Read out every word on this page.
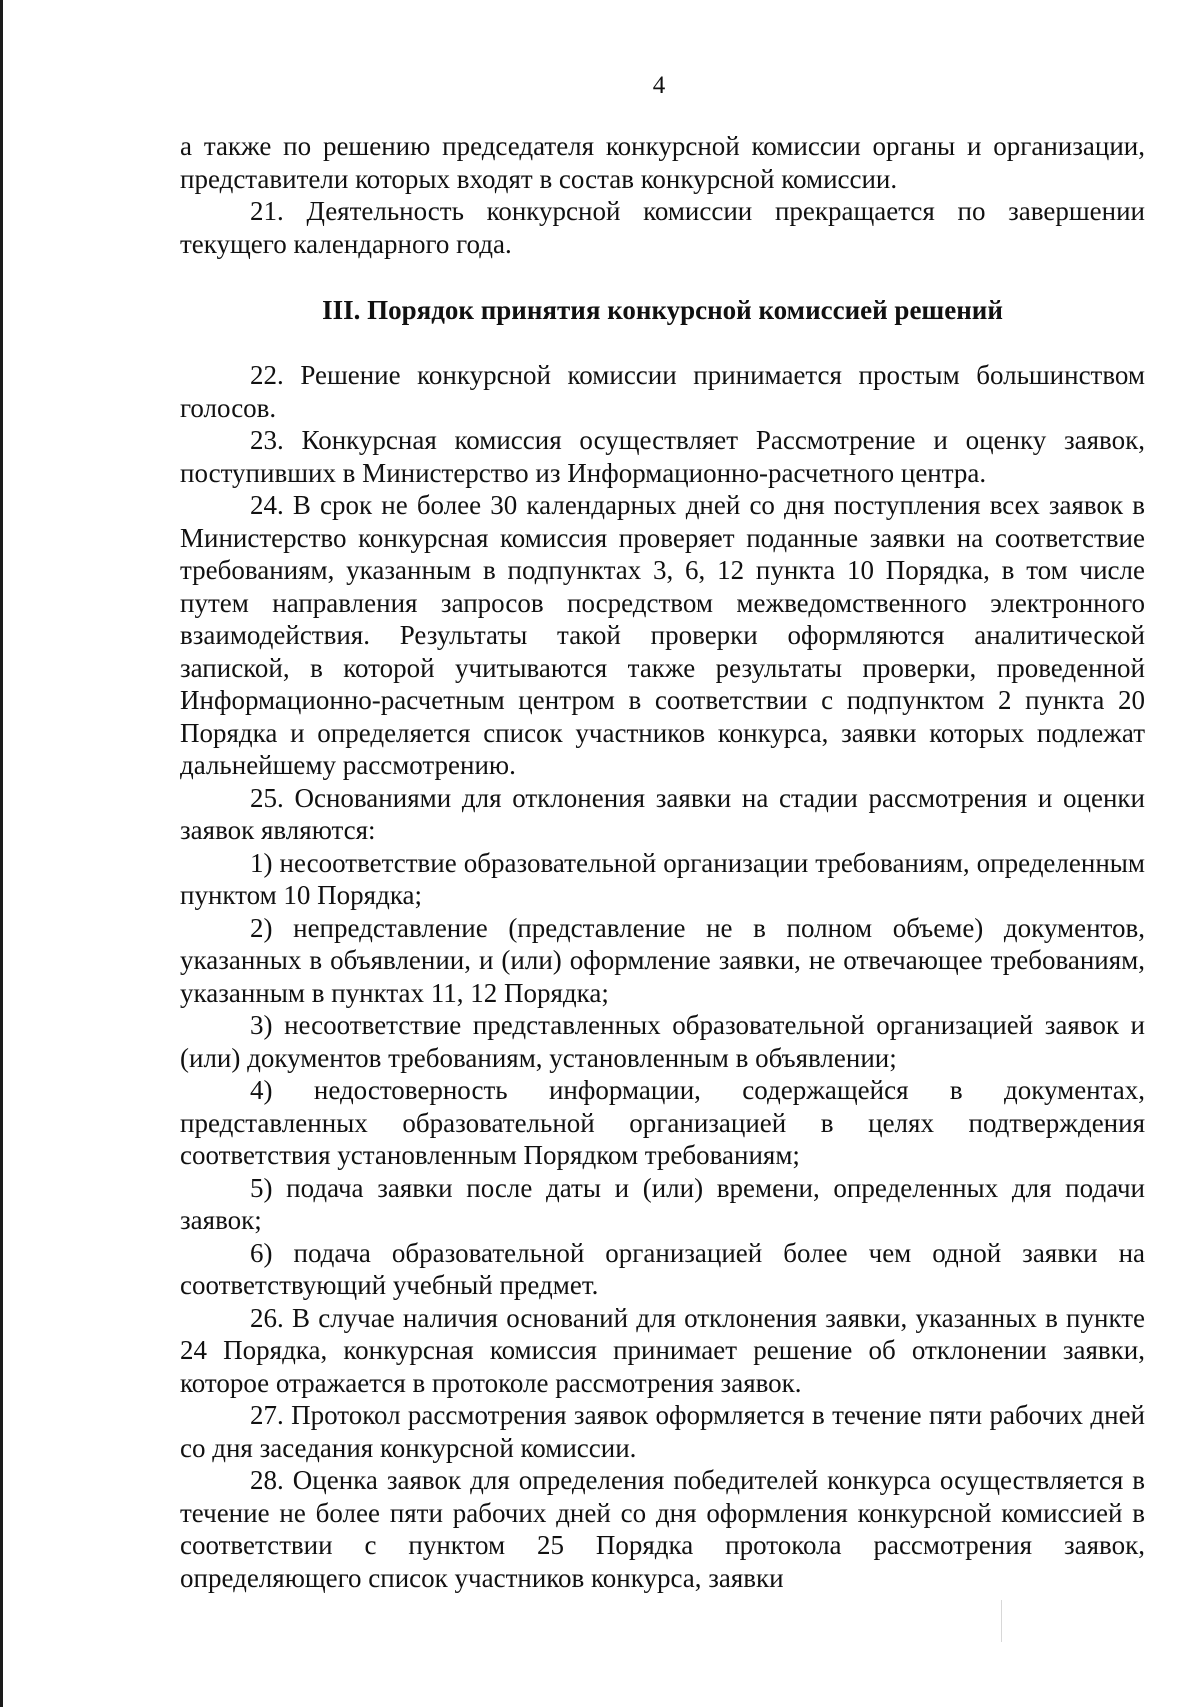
4

а также по решению председателя конкурсной комиссии органы и организации, представители которых входят в состав конкурсной комиссии.

21. Деятельность конкурсной комиссии прекращается по завершении текущего календарного года.

III. Порядок принятия конкурсной комиссией решений

22. Решение конкурсной комиссии принимается простым большинством голосов.

23. Конкурсная комиссия осуществляет Рассмотрение и оценку заявок, поступивших в Министерство из Информационно-расчетного центра.

24. В срок не более 30 календарных дней со дня поступления всех заявок в Министерство конкурсная комиссия проверяет поданные заявки на соответствие требованиям, указанным в подпунктах 3, 6, 12 пункта 10 Порядка, в том числе путем направления запросов посредством межведомственного электронного взаимодействия. Результаты такой проверки оформляются аналитической запиской, в которой учитываются также результаты проверки, проведенной Информационно-расчетным центром в соответствии с подпунктом 2 пункта 20 Порядка и определяется список участников конкурса, заявки которых подлежат дальнейшему рассмотрению.

25. Основаниями для отклонения заявки на стадии рассмотрения и оценки заявок являются:

1) несоответствие образовательной организации требованиям, определенным пунктом 10 Порядка;

2) непредставление (представление не в полном объеме) документов, указанных в объявлении, и (или) оформление заявки, не отвечающее требованиям, указанным в пунктах 11, 12 Порядка;

3) несоответствие представленных образовательной организацией заявок и (или) документов требованиям, установленным в объявлении;

4) недостоверность информации, содержащейся в документах, представленных образовательной организацией в целях подтверждения соответствия установленным Порядком требованиям;

5) подача заявки после даты и (или) времени, определенных для подачи заявок;

6) подача образовательной организацией более чем одной заявки на соответствующий учебный предмет.

26. В случае наличия оснований для отклонения заявки, указанных в пункте 24 Порядка, конкурсная комиссия принимает решение об отклонении заявки, которое отражается в протоколе рассмотрения заявок.

27. Протокол рассмотрения заявок оформляется в течение пяти рабочих дней со дня заседания конкурсной комиссии.

28. Оценка заявок для определения победителей конкурса осуществляется в течение не более пяти рабочих дней со дня оформления конкурсной комиссией в соответствии с пунктом 25 Порядка протокола рассмотрения заявок, определяющего список участников конкурса, заявки
